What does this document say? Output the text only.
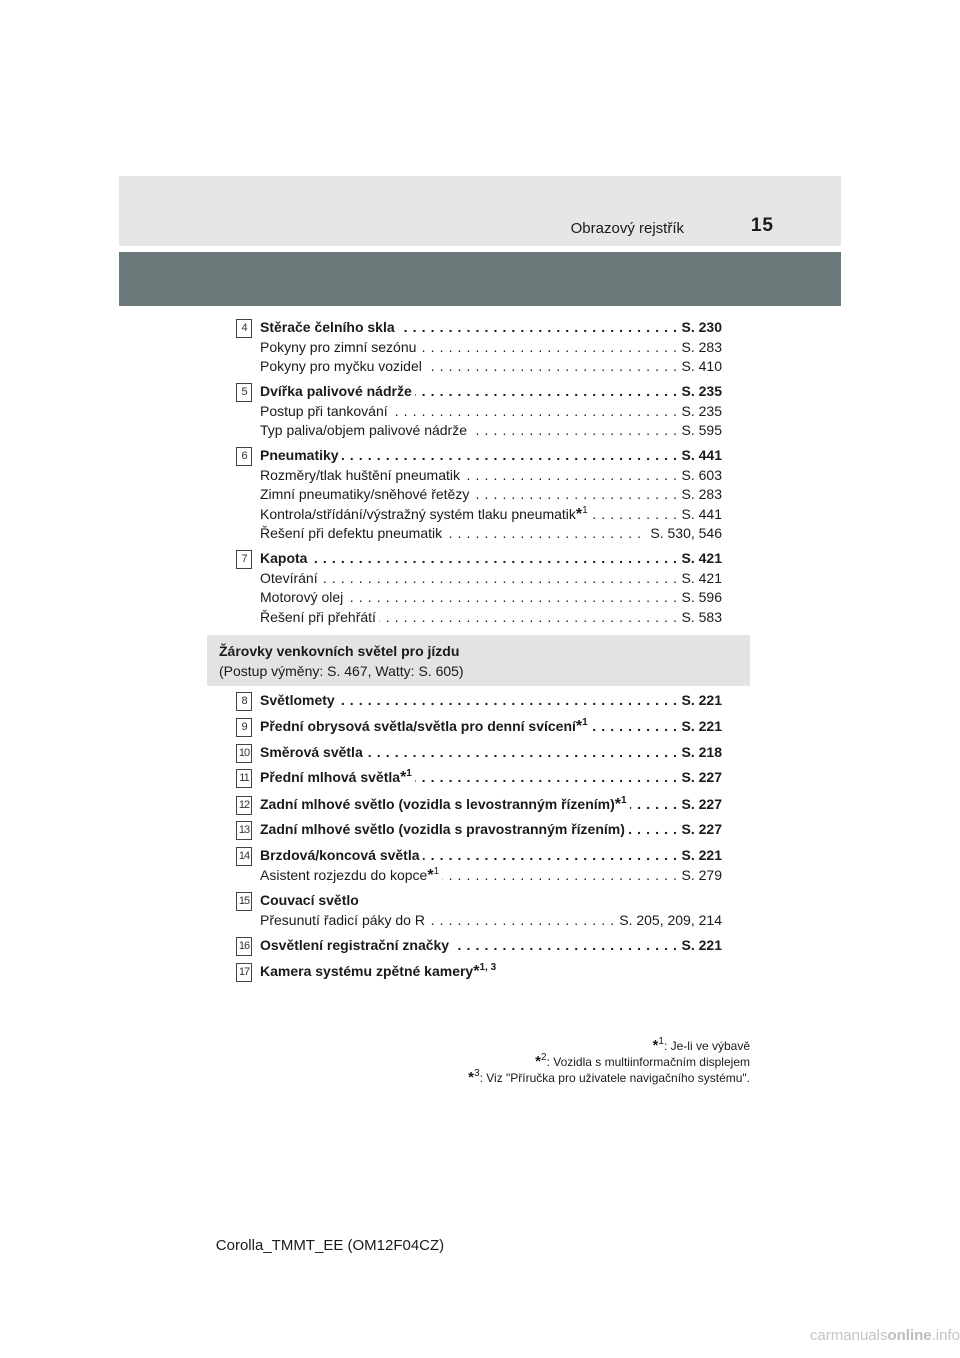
Obrazový rejstřík	15
4 . . . Stěrače čelního skla	S. 230
. . . Pokyny pro zimní sezónu	S. 283
. . . Pokyny pro myčku vozidel	S. 410
5 . . . Dvířka palivové nádrže	S. 235
. . . Postup při tankování	S. 235
. . . Typ paliva/objem palivové nádrže	S. 595
6 . . . Pneumatiky	S. 441
. . . Rozměry/tlak huštění pneumatik	S. 603
. . . Zimní pneumatiky/sněhové řetězy	S. 283
. . . Kontrola/střídání/výstražný systém tlaku pneumatik*$^1$	S. 441
. . . Řešení při defektu pneumatik	S. 530, 546
7 . . . Kapota	S. 421
. . . Otevírání	S. 421
. . . Motorový olej	S. 596
. . . Řešení při přehřátí	S. 583
Žárovky venkovních světel pro jízdu
(Postup výměny: S. 467, Watty: S. 605)
8 . . . Světlomety	S. 221
9 . . . Přední obrysová světla/světla pro denní svícení*$^1$	S. 221
10 . . . Směrová světla	S. 218
11 . . . Přední mlhová světla*$^1$	S. 227
12 . . . Zadní mlhové světlo (vozidla s levostranným řízením)*$^1$	S. 227
13 . . . Zadní mlhové světlo (vozidla s pravostranným řízením)	S. 227
14 . . . Brzdová/koncová světla	S. 221
. . . Asistent rozjezdu do kopce*$^1$	S. 279
15 Couvací světlo
. . . Přesunutí řadicí páky do R	S. 205, 209, 214
16 . . . Osvětlení registrační značky	S. 221
17 Kamera systému zpětné kamery*$^{1, 3}$
*$^1$: Je-li ve výbavě
*$^2$: Vozidla s multiinformačním displejem
*$^3$: Viz "Příručka pro uživatele navigačního systému".
Corolla_TMMT_EE (OM12F04CZ)
carmanualsonline.info
